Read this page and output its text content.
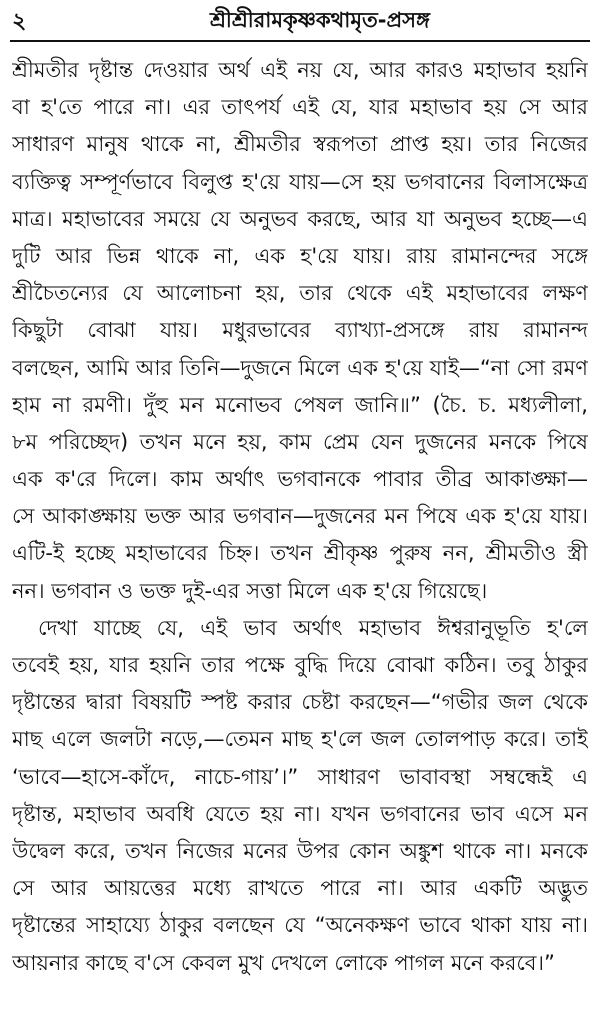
২	শ্রীশ্রীরামকৃষ্ণকথামৃত-প্রসঙ্গ
শ্রীমতীর দৃষ্টান্ত দেওয়ার অর্থ এই নয় যে, আর কারও মহাভাব হয়নি
বা হ'তে পারে না। এর তাৎপর্য এই যে, যার মহাভাব হয় সে আর
সাধারণ মানুষ থাকে না, শ্রীমতীর স্বরূপতা প্রাপ্ত হয়। তার নিজের
ব্যক্তিত্ব সম্পূর্ণভাবে বিলুপ্ত হ'য়ে যায়—সে হয় ভগবানের বিলাসক্ষেত্র
মাত্র। মহাভাবের সময়ে যে অনুভব করছে, আর যা অনুভব হচ্ছে—এ
দুটি আর ভিন্ন থাকে না, এক হ'য়ে যায়। রায় রামানন্দের সঙ্গে
শ্রীচৈতন্যের যে আলোচনা হয়, তার থেকে এই মহাভাবের লক্ষণ
কিছুটা বোঝা যায়। মধুরভাবের ব্যাখ্যা-প্রসঙ্গে রায় রামানন্দ
বলছেন, আমি আর তিনি—দুজনে মিলে এক হ'য়ে যাই—“না সো রমণ
হাম না রমণী। দুঁহু মন মনোভব পেষল জানি॥” (চৈ. চ. মধ্যলীলা,
৮ম পরিচ্ছেদ) তখন মনে হয়, কাম প্রেম যেন দুজনের মনকে পিষে
এক ক'রে দিলে। কাম অর্থাৎ ভগবানকে পাবার তীব্র আকাঙ্ক্ষা—
সে আকাঙ্ক্ষায় ভক্ত আর ভগবান—দুজনের মন পিষে এক হ'য়ে যায়।
এটি-ই হচ্ছে মহাভাবের চিহ্ন। তখন শ্রীকৃষ্ণ পুরুষ নন, শ্রীমতীও স্ত্রী
নন। ভগবান ও ভক্ত দুই-এর সত্তা মিলে এক হ'য়ে গিয়েছে।
দেখা যাচ্ছে যে, এই ভাব অর্থাৎ মহাভাব ঈশ্বরানুভূতি হ'লে
তবেই হয়, যার হয়নি তার পক্ষে বুদ্ধি দিয়ে বোঝা কঠিন। তবু ঠাকুর
দৃষ্টান্তের দ্বারা বিষয়টি স্পষ্ট করার চেষ্টা করছেন—“গভীর জল থেকে
মাছ এলে জলটা নড়ে,—তেমন মাছ হ'লে জল তোলপাড় করে। তাই
‘ভাবে—হাসে-কাঁদে, নাচে-গায়’।” সাধারণ ভাবাবস্থা সম্বন্ধেই এ
দৃষ্টান্ত, মহাভাব অবধি যেতে হয় না। যখন ভগবানের ভাব এসে মন
উদ্বেল করে, তখন নিজের মনের উপর কোন অঙ্কুশ থাকে না। মনকে
সে আর আয়ত্তের মধ্যে রাখতে পারে না। আর একটি অদ্ভুত
দৃষ্টান্তের সাহায্যে ঠাকুর বলছেন যে “অনেকক্ষণ ভাবে থাকা যায় না।
আয়নার কাছে ব'সে কেবল মুখ দেখলে লোকে পাগল মনে করবে।”
